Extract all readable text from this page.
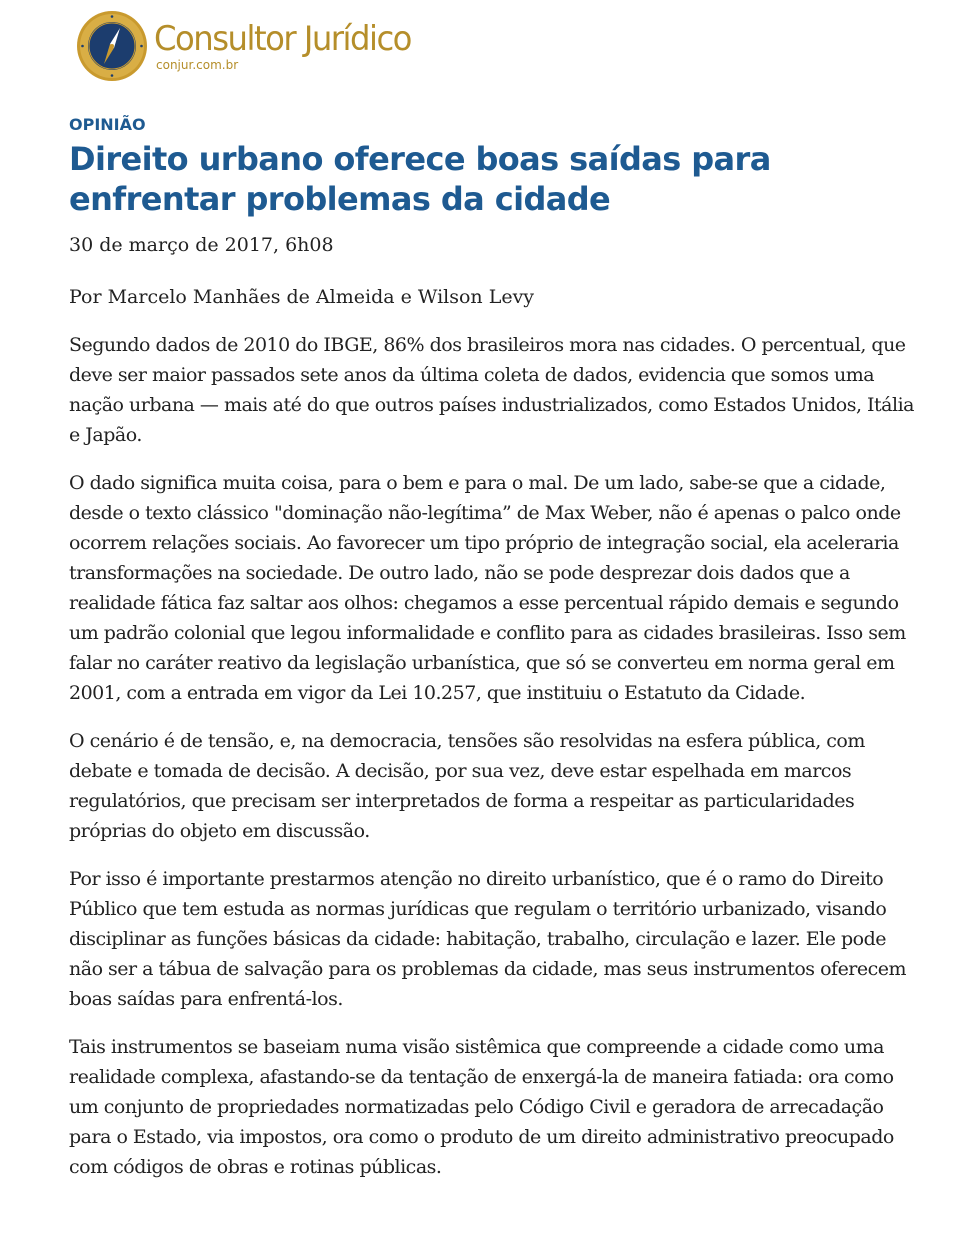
Consultor Jurídico
conjur.com.br
OPINIÃO
Direito urbano oferece boas saídas para enfrentar problemas da cidade

30 de março de 2017, 6h08

Por Marcelo Manhães de Almeida e Wilson Levy

Segundo dados de 2010 do IBGE, 86% dos brasileiros mora nas cidades. O percentual, que deve ser maior passados sete anos da última coleta de dados, evidencia que somos uma nação urbana — mais até do que outros países industrializados, como Estados Unidos, Itália e Japão.

O dado significa muita coisa, para o bem e para o mal. De um lado, sabe-se que a cidade, desde o texto clássico "dominação não-legítima” de Max Weber, não é apenas o palco onde ocorrem relações sociais. Ao favorecer um tipo próprio de integração social, ela aceleraria transformações na sociedade. De outro lado, não se pode desprezar dois dados que a realidade fática faz saltar aos olhos: chegamos a esse percentual rápido demais e segundo um padrão colonial que legou informalidade e conflito para as cidades brasileiras. Isso sem falar no caráter reativo da legislação urbanística, que só se converteu em norma geral em 2001, com a entrada em vigor da Lei 10.257, que instituiu o Estatuto da Cidade.

O cenário é de tensão, e, na democracia, tensões são resolvidas na esfera pública, com debate e tomada de decisão. A decisão, por sua vez, deve estar espelhada em marcos regulatórios, que precisam ser interpretados de forma a respeitar as particularidades próprias do objeto em discussão.

Por isso é importante prestarmos atenção no direito urbanístico, que é o ramo do Direito Público que tem estuda as normas jurídicas que regulam o território urbanizado, visando disciplinar as funções básicas da cidade: habitação, trabalho, circulação e lazer. Ele pode não ser a tábua de salvação para os problemas da cidade, mas seus instrumentos oferecem boas saídas para enfrentá-los.

Tais instrumentos se baseiam numa visão sistêmica que compreende a cidade como uma realidade complexa, afastando-se da tentação de enxergá-la de maneira fatiada: ora como um conjunto de propriedades normatizadas pelo Código Civil e geradora de arrecadação para o Estado, via impostos, ora como o produto de um direito administrativo preocupado com códigos de obras e rotinas públicas.
